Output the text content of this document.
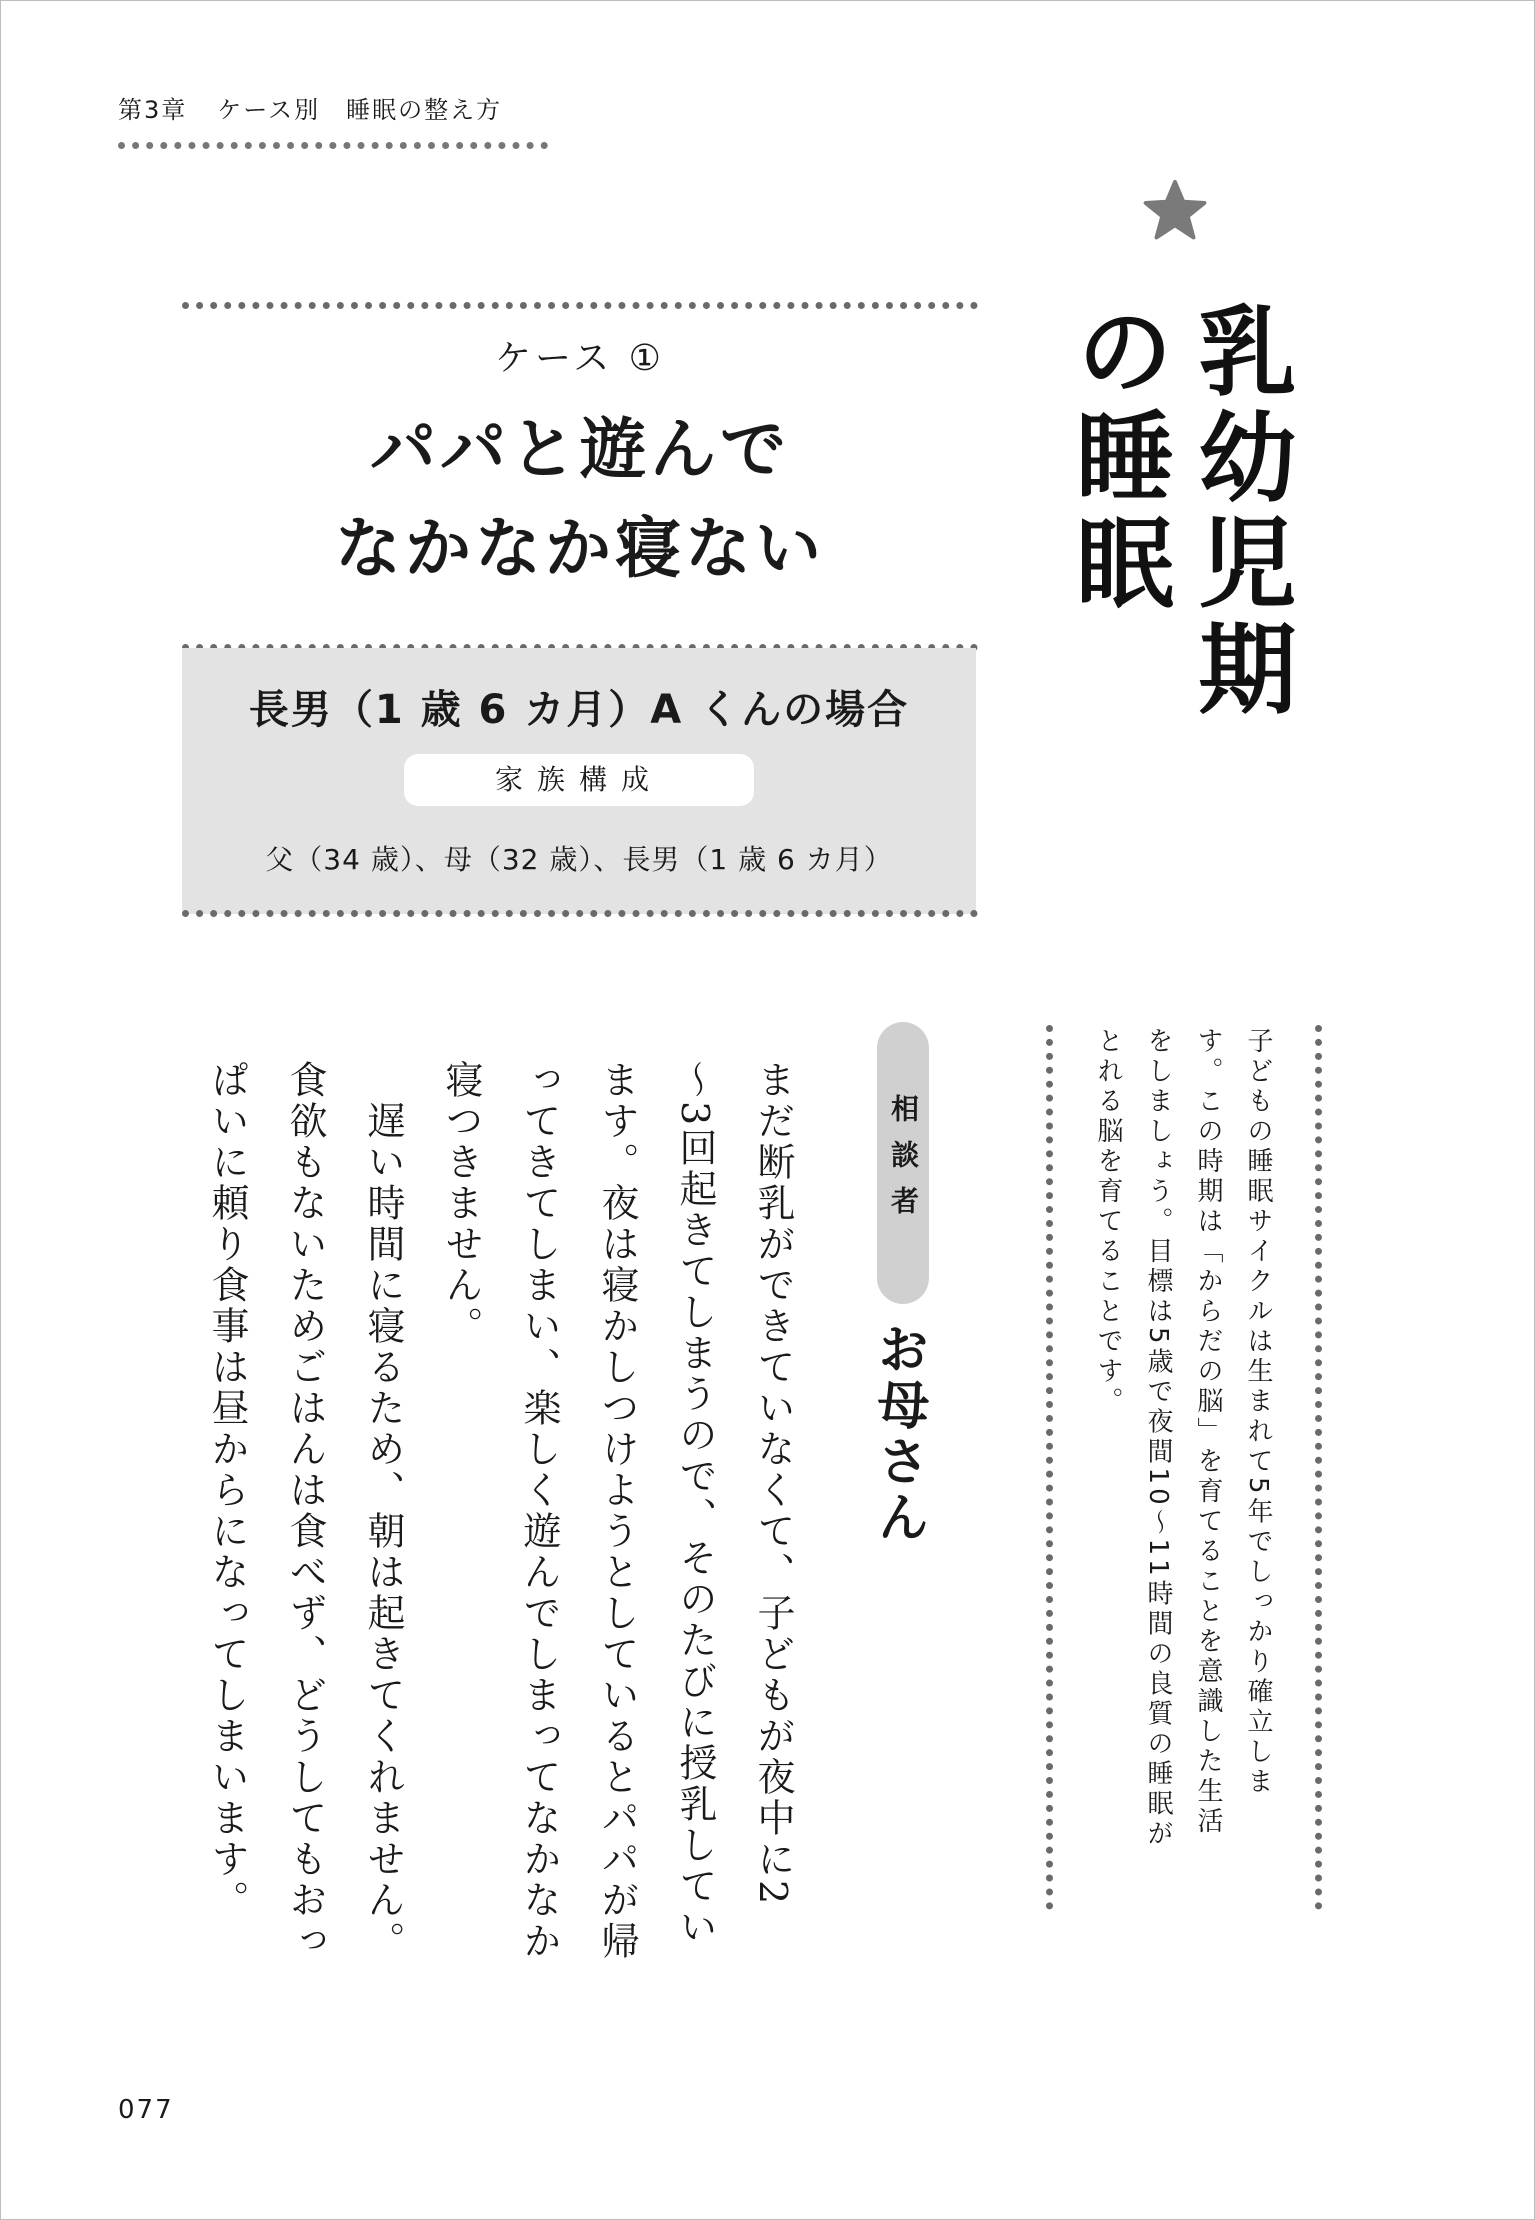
第3章 ケース別　睡眠の整え方
乳幼児期の睡眠
ケース ①
パパと遊んで
なかなか寝ない
長男（1 歳 6 カ月）A くんの場合
家族構成
父（34 歳）、母（32 歳）、長男（1 歳 6 カ月）
子どもの睡眠サイクルは生まれて5年でしっかり確立しま
す。この時期は「からだの脳」を育てることを意識した生活
をしましょう。目標は5歳で夜間10〜11時間の良質の睡眠が
とれる脳を育てることです。
相談者
お母さん
まだ断乳ができていなくて、子どもが夜中に2
〜3回起きてしまうので、そのたびに授乳してい
ます。夜は寝かしつけようとしているとパパが帰
ってきてしまい、楽しく遊んでしまってなかなか
寝つきません。
　遅い時間に寝るため、朝は起きてくれません。
食欲もないためごはんは食べず、どうしてもおっ
ぱいに頼り食事は昼からになってしまいます。
077
